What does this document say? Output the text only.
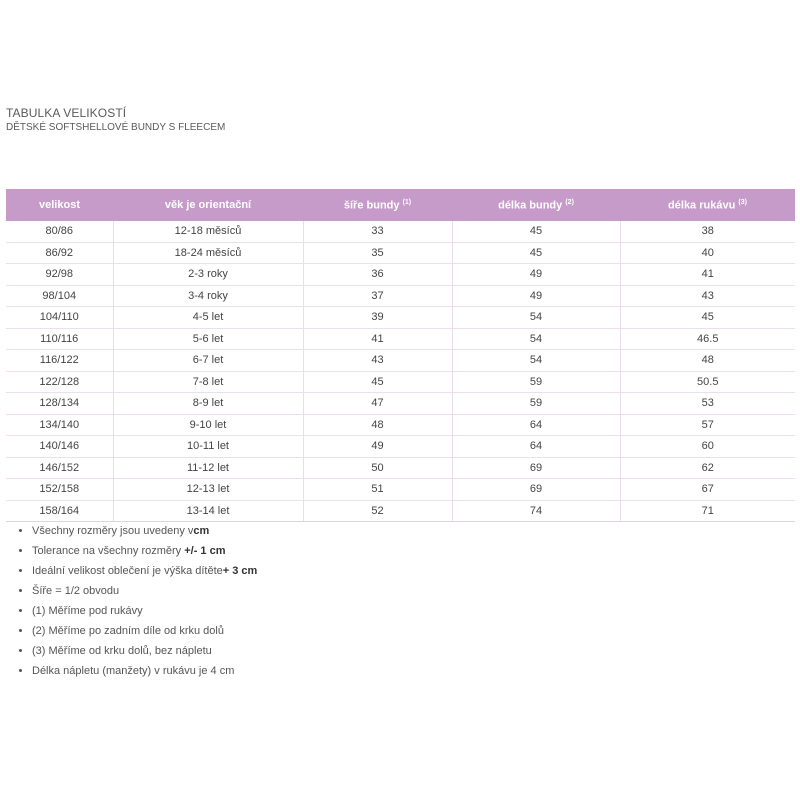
TABULKA VELIKOSTÍ
DĚTSKÉ SOFTSHELLOVÉ BUNDY S FLEECEM
velikost	věk je orientační	šíře bundy $^{(1)}$	délka bundy $^{(2)}$	délka rukávu $^{(3)}$
80/86	12-18 měsíců	33	45	38
86/92	18-24 měsíců	35	45	40
92/98	2-3 roky	36	49	41
98/104	3-4 roky	37	49	43
104/110	4-5 let	39	54	45
110/116	5-6 let	41	54	46.5
116/122	6-7 let	43	54	48
122/128	7-8 let	45	59	50.5
128/134	8-9 let	47	59	53
134/140	9-10 let	48	64	57
140/146	10-11 let	49	64	60
146/152	11-12 let	50	69	62
152/158	12-13 let	51	69	67
158/164	13-14 let	52	74	71
• Všechny rozměry jsou uvedeny vcm
• Tolerance na všechny rozměry +/- 1 cm
• Ideální velikost oblečení je výška dítěte+ 3 cm
• Šíře = 1/2 obvodu
• (1) Měříme pod rukávy
• (2) Měříme po zadním díle od krku dolů
• (3) Měříme od krku dolů, bez nápletu
• Délka nápletu (manžety) v rukávu je 4 cm
